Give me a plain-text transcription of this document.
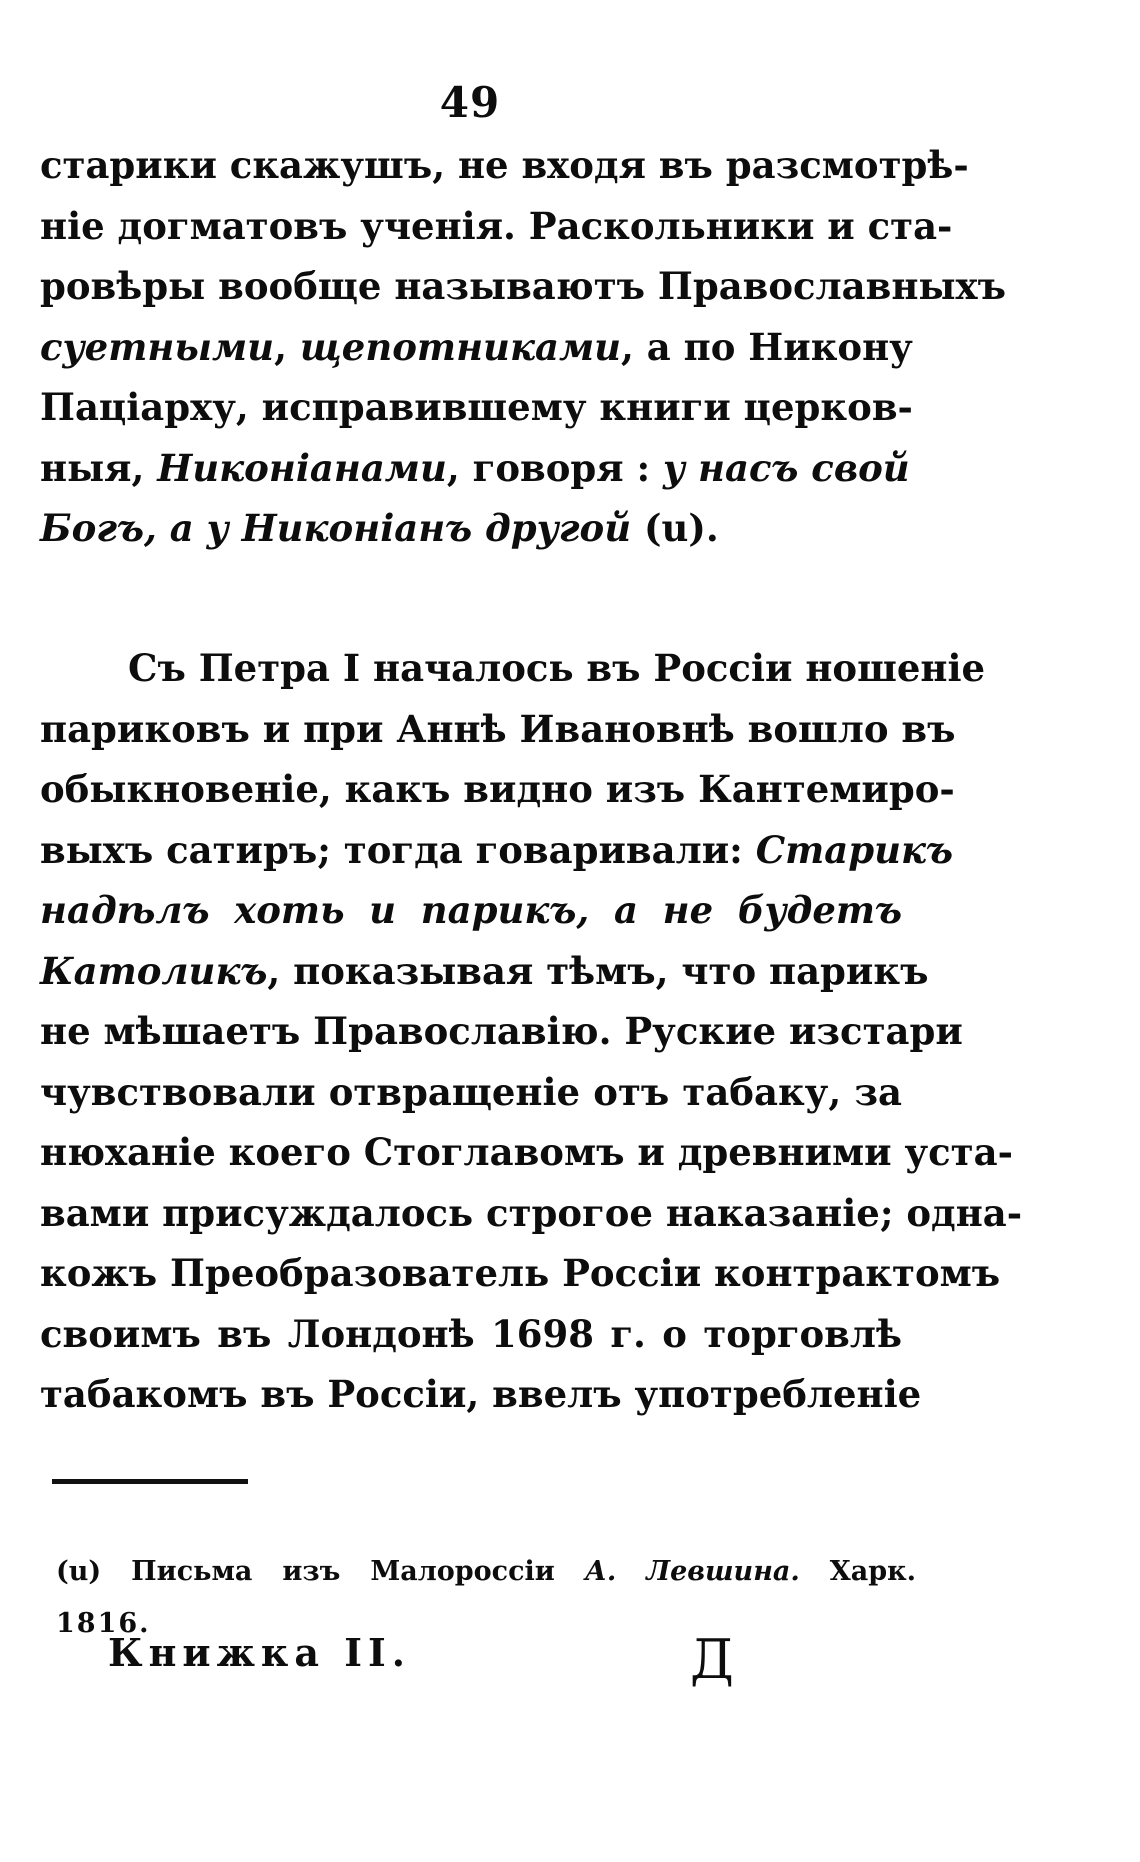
49
старики скажушъ, не входя въ разсмотрѣ-
ніе догматовъ ученія. Раскольники и ста-
ровѣры вообще называютъ Православныхъ
суетными, щепотниками, а по Никону
Паціарху, исправившему книги церков-
ныя, Никоніанами, говоря : у насъ свой
Богъ, а у Никоніанъ другой (u).
Съ Петра I началось въ Россіи ношеніе
париковъ и при Аннѣ Ивановнѣ вошло въ
обыкновеніе, какъ видно изъ Кантемиро-
выхъ сатиръ; тогда говаривали: Старикъ
надѣлъ хоть и парикъ, а не будетъ
Католикъ, показывая тѣмъ, что парикъ
не мѣшаетъ Православію. Руские изстари
чувствовали отвращеніе отъ табаку, за
нюханіе коего Стоглавомъ и древними уста-
вами присуждалось строгое наказаніе; одна-
кожъ Преобразователь Россіи контрактомъ
своимъ въ Лондонѣ 1698 г. о торговлѣ
табакомъ въ Россіи, ввелъ употребленіе
(u) Письма изъ Малороссіи А. Левшина. Харк.
1816.
Книжка II.	Д
